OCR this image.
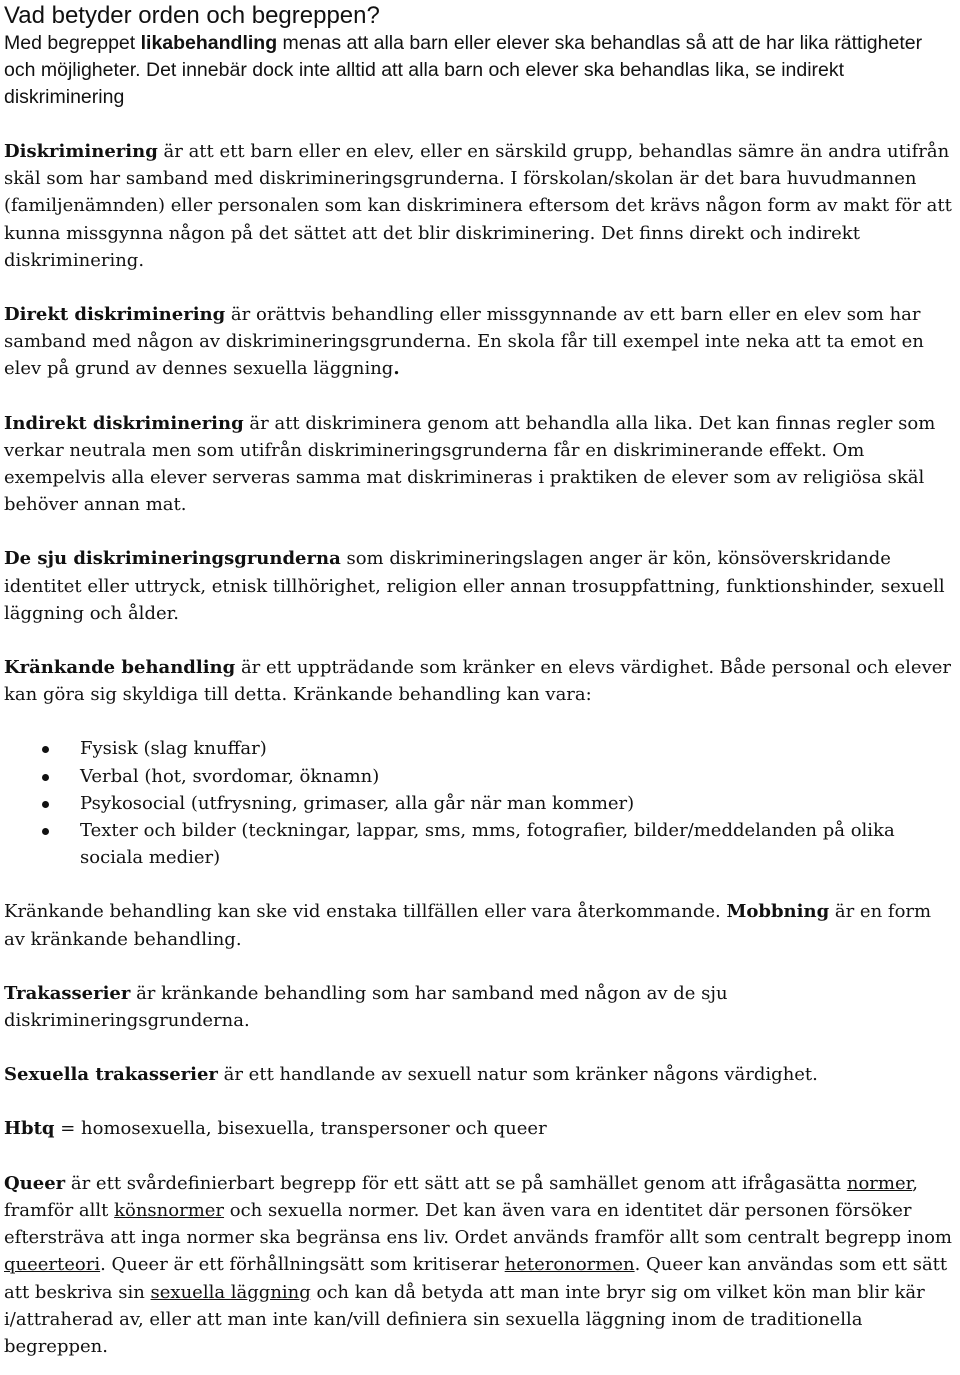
Vad betyder orden och begreppen?

Med begreppet likabehandling menas att alla barn eller elever ska behandlas så att de har lika rättigheter och möjligheter. Det innebär dock inte alltid att alla barn och elever ska behandlas lika, se indirekt diskriminering

Diskriminering är att ett barn eller en elev, eller en särskild grupp, behandlas sämre än andra utifrån skäl som har samband med diskrimineringsgrunderna. I förskolan/skolan är det bara huvudmannen (familjenämnden) eller personalen som kan diskriminera eftersom det krävs någon form av makt för att kunna missgynna någon på det sättet att det blir diskriminering. Det finns direkt och indirekt diskriminering.

Direkt diskriminering är orättvis behandling eller missgynnande av ett barn eller en elev som har samband med någon av diskrimineringsgrunderna. En skola får till exempel inte neka att ta emot en elev på grund av dennes sexuella läggning.

Indirekt diskriminering är att diskriminera genom att behandla alla lika. Det kan finnas regler som verkar neutrala men som utifrån diskrimineringsgrunderna får en diskriminerande effekt. Om exempelvis alla elever serveras samma mat diskrimineras i praktiken de elever som av religiösa skäl behöver annan mat.

De sju diskrimineringsgrunderna som diskrimineringslagen anger är kön, könsöverskridande identitet eller uttryck, etnisk tillhörighet, religion eller annan trosuppfattning, funktionshinder, sexuell läggning och ålder.

Kränkande behandling är ett uppträdande som kränker en elevs värdighet. Både personal och elever kan göra sig skyldiga till detta. Kränkande behandling kan vara:

Fysisk (slag knuffar)
Verbal (hot, svordomar, öknamn)
Psykosocial (utfrysning, grimaser, alla går när man kommer)
Texter och bilder (teckningar, lappar, sms, mms, fotografier, bilder/meddelanden på olika sociala medier)

Kränkande behandling kan ske vid enstaka tillfällen eller vara återkommande. Mobbning är en form av kränkande behandling.

Trakasserier är kränkande behandling som har samband med någon av de sju diskrimineringsgrunderna.

Sexuella trakasserier är ett handlande av sexuell natur som kränker någons värdighet.

Hbtq = homosexuella, bisexuella, transpersoner och queer

Queer är ett svårdefinierbart begrepp för ett sätt att se på samhället genom att ifrågasätta normer, framför allt könsnormer och sexuella normer. Det kan även vara en identitet där personen försöker eftersträva att inga normer ska begränsa ens liv. Ordet används framför allt som centralt begrepp inom queerteori. Queer är ett förhållningsätt som kritiserar heteronormen. Queer kan användas som ett sätt att beskriva sin sexuella läggning och kan då betyda att man inte bryr sig om vilket kön man blir kär i/attraherad av, eller att man inte kan/vill definiera sin sexuella läggning inom de traditionella begreppen.
